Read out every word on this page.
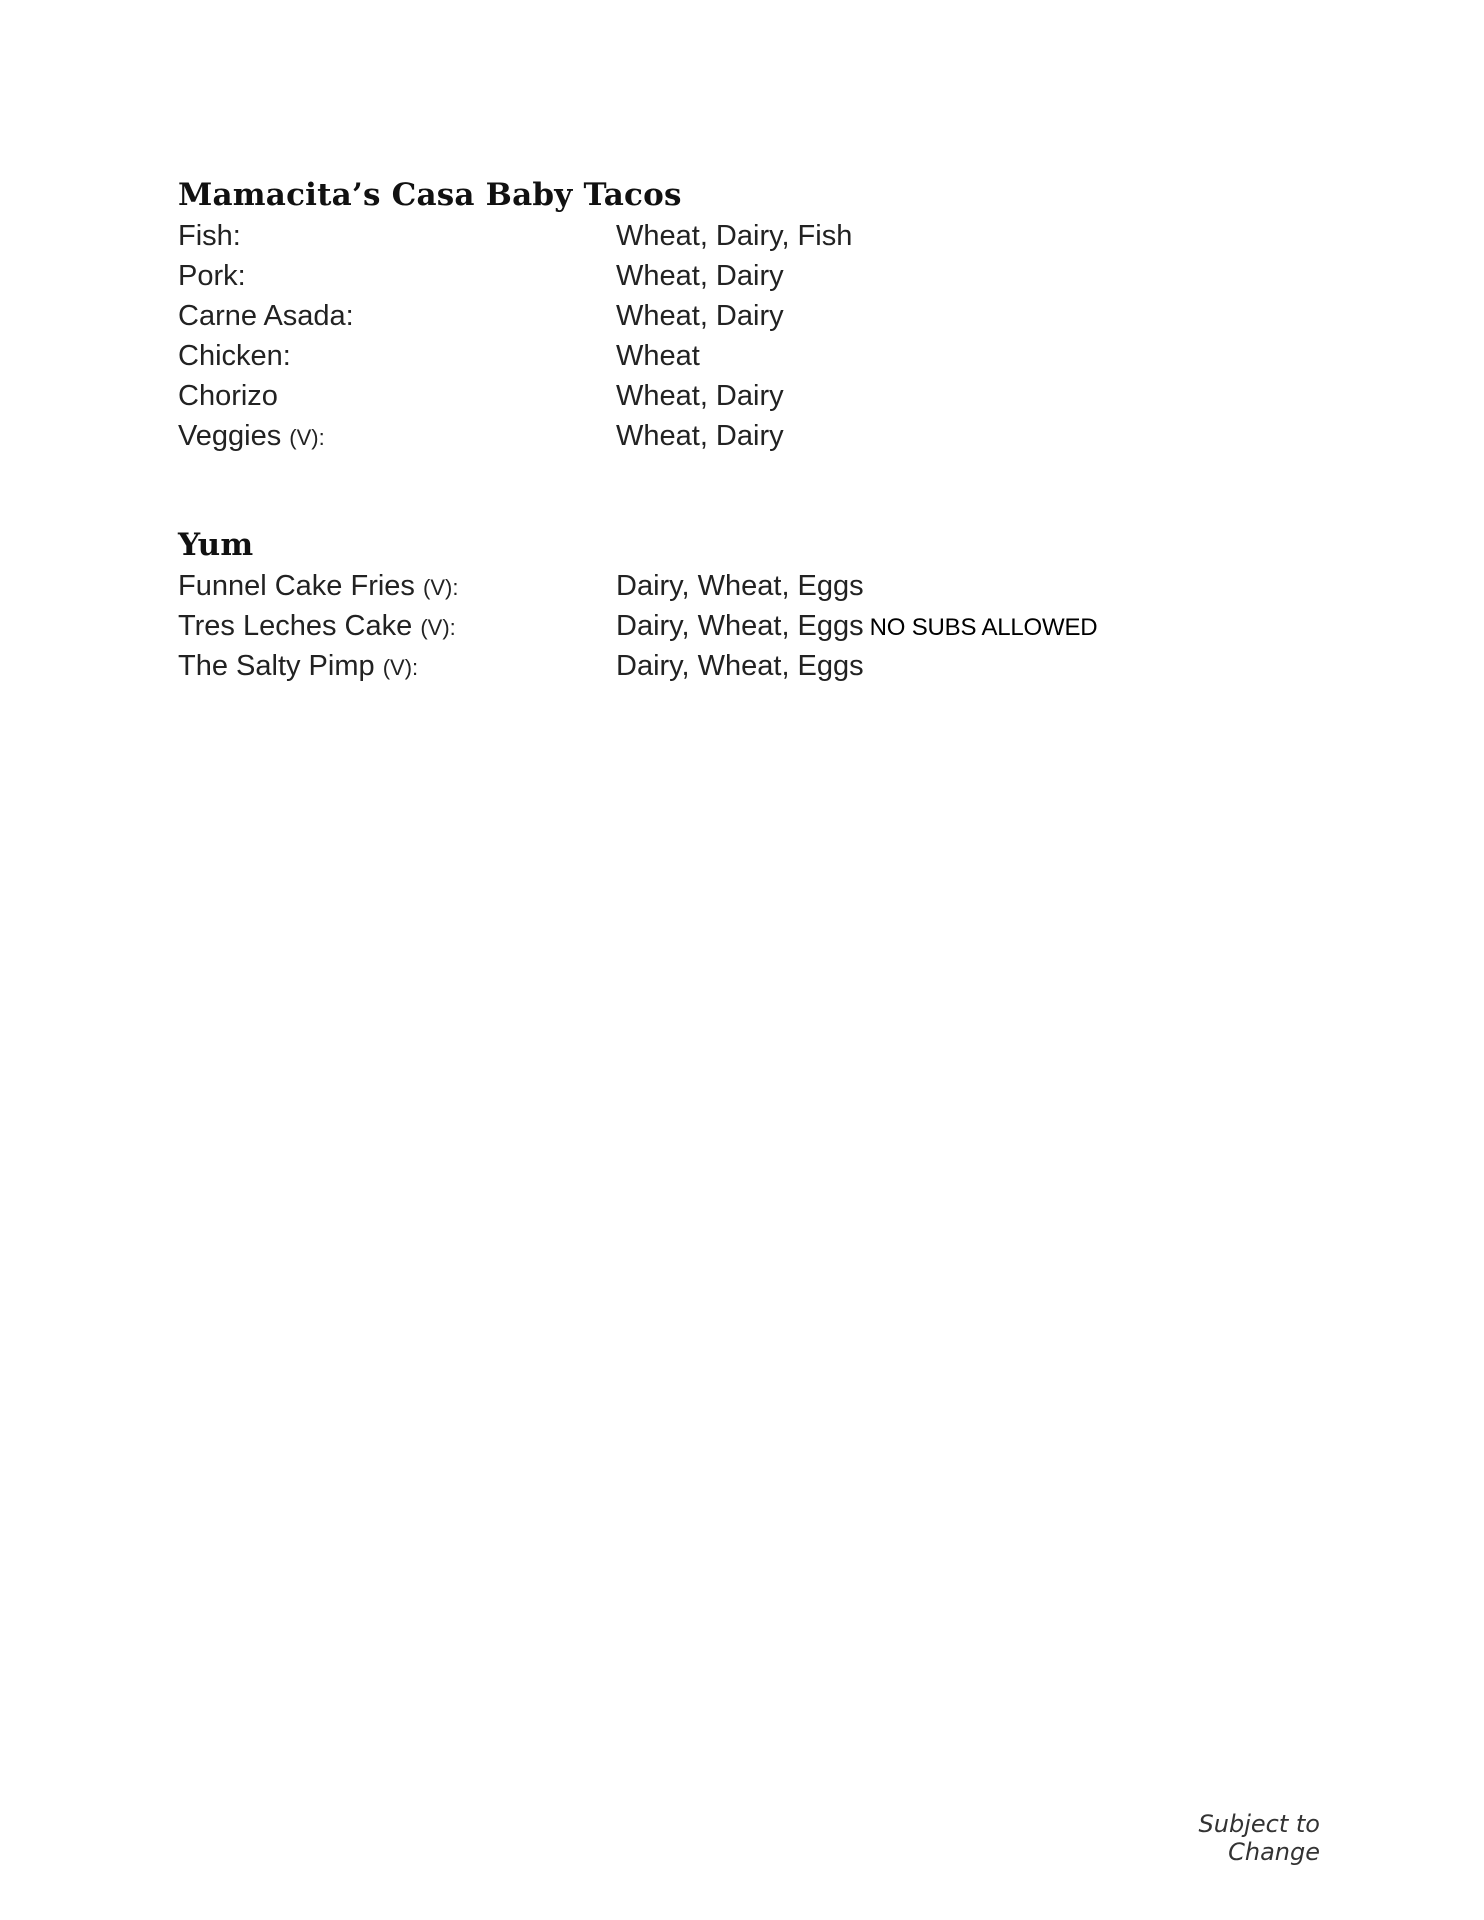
Mamacita’s Casa Baby Tacos
Fish:	Wheat, Dairy, Fish
Pork:	Wheat, Dairy
Carne Asada:	Wheat, Dairy
Chicken:	Wheat
Chorizo	Wheat, Dairy
Veggies (V):	Wheat, Dairy
Yum
Funnel Cake Fries (V):	Dairy, Wheat, Eggs
Tres Leches Cake (V):	Dairy, Wheat, Eggs NO SUBS ALLOWED
The Salty Pimp (V):	Dairy, Wheat, Eggs
Subject to Change
